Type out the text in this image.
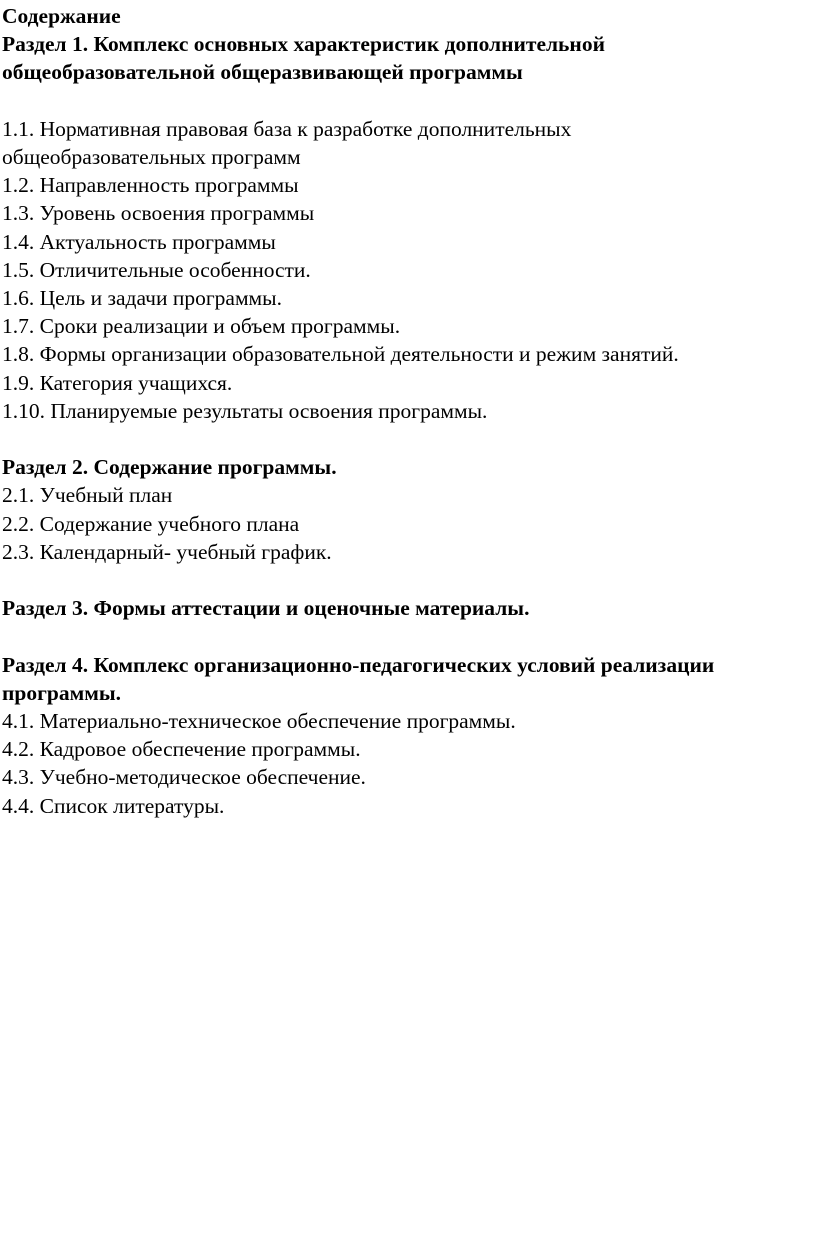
Содержание
Раздел 1. Комплекс основных характеристик дополнительной
общеобразовательной общеразвивающей программы
1.1. Нормативная правовая база к разработке дополнительных
общеобразовательных программ
1.2. Направленность программы
1.3. Уровень освоения программы
1.4. Актуальность программы
1.5. Отличительные особенности.
1.6. Цель и задачи программы.
1.7. Сроки реализации и объем программы.
1.8. Формы организации образовательной деятельности и режим занятий.
1.9. Категория учащихся.
1.10. Планируемые результаты освоения программы.
Раздел 2. Содержание программы.
2.1. Учебный план
2.2. Содержание учебного плана
2.3. Календарный- учебный график.
Раздел 3. Формы аттестации и оценочные материалы.
Раздел 4. Комплекс организационно-педагогических условий реализации
программы.
4.1. Материально-техническое обеспечение программы.
4.2. Кадровое обеспечение программы.
4.3. Учебно-методическое обеспечение.
4.4. Список литературы.
